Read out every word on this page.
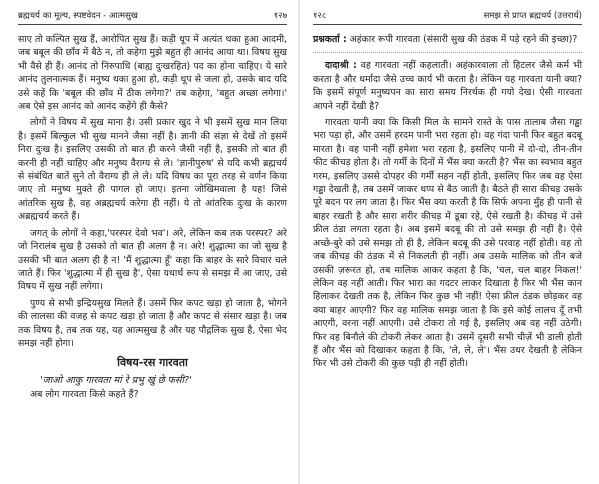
ब्रह्मचर्य का मूल्य, स्पष्टवेदन - आत्मसुख	१२७

साए तो कल्पित सुख हैं, आरोपित सुख हैं। कड़ी धूप में अत्यंत थका हुआ आदमी, जब बबूल की छाँव में बैठे न, तो कहेगा मुझे बहुत ही आनंद आया था। विषय सुख भी वैसे ही हैं। आनंद तो निरुपाधि (बाह्य दुःखरहित) पद का होना चाहिए। ये सारे आनंद तुलनात्मक हैं। मनुष्य थका हुआ हो, कड़ी धूप से जला हो, उसके बाद यदि उसे कहें कि 'बबूल की छाँव में ठीक लगेगा?' तब कहेगा, 'बहुत अच्छा लगेगा।' अब ऐसे इस आनंद को आनंद कहेंगे ही कैसे?

लोगों ने विषय में सुख माना है। उसी प्रकार खुद ने भी इसमें सुख मान लिया है। इसमें बिल्कुल भी सुख मानने जैसा नहीं है। ज्ञानी की संज्ञा से देखें तो इसमें निरा दुःख है। इसलिए उसकी तो बात ही करने जैसी नहीं है, इसकी तो बात ही करनी ही नहीं चाहिए और मनुष्य वैराग्य से ले। 'ज्ञानीपुरुष' से यदि कभी ब्रह्मचर्य से संबंधित बातें सुने तो वैराग्य ही ले ले। यदि विषय का पूरा तरह से वर्णन किया जाए तो मनुष्य मुक्ते ही पागल हो जाए। इतना जोखिमवाला है यह! जिसे आंतरिक सुख है, वह अब्रह्मचर्य करेगा ही नहीं। ये तो आंतरिक दुःख के कारण अब्रह्मचर्य करते हैं।

जगत् के लोगों ने कहा,'परस्पर देवो भव'। अरे, लेकिन कब तक परस्पर? अरे जो निरालंब सुख है उसको तो बात ही अलग है न। अरे! शुद्धात्मा का जो सुख है उसकी भी बात अलग ही है न! 'मैं शुद्धात्मा हूँ' कहा कि बाहर के सारे विचार चले जाते हैं। फिर 'शुद्धात्मा में ही सुख है', ऐसा यथार्थ रूप से समझ में आ जाए, उसे विषय में सुख नहीं लगेगा।

पुण्य से सभी इन्द्रियसुख मिलते हैं। उसमें फिर कपट खड़ा हो जाता है, भोगने की लालसा की वजह से कपट खड़ा हो जाता है और कपट से संसार खड़ा है। जब तक विषय है, तब तक यह, यह आत्मसुख है और यह पौद्गलिक सुख है, ऐसा भेद समझ नहीं होगा।

विषय-रस गारवता
'जाओ आकु गारवता मां रे प्रभु खुं छे फसी?'

अब लोग गारवता किसे कहते हैं?

१२८	समझ से प्राप्त ब्रह्मचर्य (उत्तरार्ध)

प्रश्नकर्ता : अहंकार रूपी गारवता (संसारी सुख की ठंडक में पड़े रहने की इच्छा)?

दादाश्री : वह गारवता नहीं कहलाती। अहंकारवाला तो हिटलर जैसे कर्म भी करता है और धर्मादा जैसे उच्च कार्य भी करता है। लेकिन यह गारवता यानी क्या? कि इसमें संपूर्ण मनुष्यपन का सारा समय निरर्थक ही गयो देख। ऐसी गारवता आपने नहीं देखी है?

गारवता यानी क्या कि किसी मिल के सामने रास्ते के पास तालाब जैसा गड्ढा भरा पड़ा हो, और उसमें हरदम पानी भरा रहता हो। वह गंदा पानी फिर बहुत बदबू मारता है। वह पानी नहीं हमेशा भरा रहता है, इसलिए पानी में दो-दो, तीन-तीन फीट कीचड़ होता है। तो गर्मी के दिनों में भैंस क्या करती है? भैंस का स्वभाव बहुत गरम, इसलिए उससे दोपहर की गर्मी सहन नहीं होती, इसलिए फिर जब वह ऐसा गड्ढा देखती है, तब उसमें जाकर धप्प से बैठ जाती है। बैठते ही सारा कीचड़ उसके पूरे बदन पर लग जाता है। फिर भैंस क्या करती है कि सिर्फ अपना मुँह ही पानी से बाहर रखती है और सारा शरीर कीचड़ में डूबा रहे, ऐसे रखती है। कीचड़ में उसे फ्रील ठंडा लगता रहता है। अब इसमें बदबू की तो उसे समझ ही नहीं है। ऐसे अच्छे-बुरे को उसे समझ तो ही है, लेकिन बदबू की उसे परवाह नहीं होती। वह तो जब कीचड़ की ठंडक में से निकलती ही नहीं। अब उसके मालिक को तीन बजे उसकी ज़रूरत हो, तब मालिक आकर कहता है कि, 'चल, चल बाहर निकल!' लेकिन वह नहीं आती। फिर भारा का गदटर लाकर दिखाता है फिर भी भैंस कान हिलाकर देखती तक है, लेकिन फिर कुछ भी नहीं! ऐसा फ्रील ठंडक छोड़कर वह क्या बाहर आएगी? फिर वह मालिक समझ जाता है कि इसे कोई लालच दूँ तभी आएगी, वरना नहीं आएगी। उसे टोकरा तो गई है, इसलिए अब वह नहीं उठेगी। फिर वह बिनौले की टोकरी लेकर आता है। उसमें दूसरी सभी चीज़ें भी डाली होती हैं और भैंस को दिखाकर कहता है कि, 'ले, ले, ले'। भैंस उधर देखती है लेकिन फिर भी उसे टोकरी की कुछ पड़ी ही नहीं होती।
